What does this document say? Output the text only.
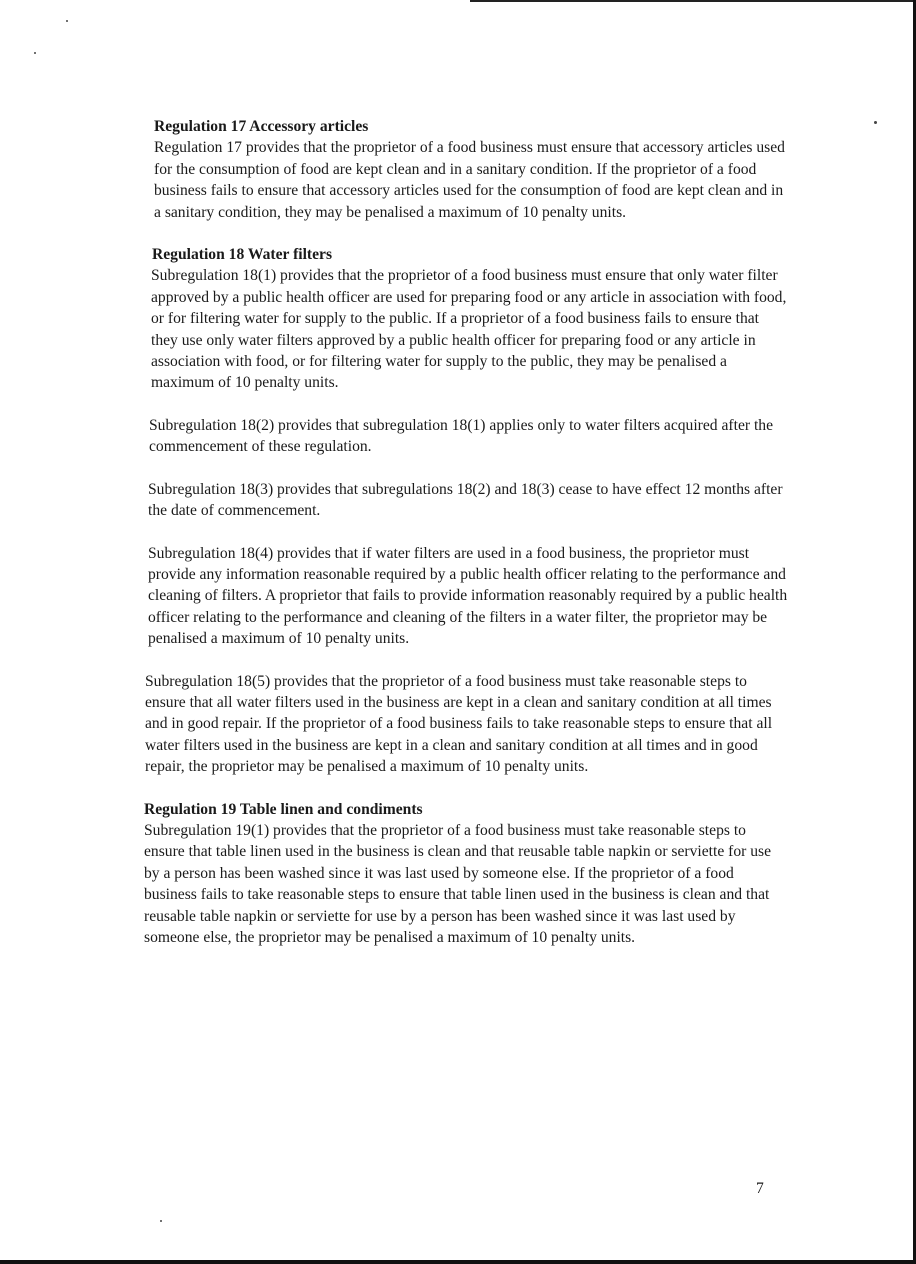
Regulation 17 Accessory articles

Regulation 17 provides that the proprietor of a food business must ensure that accessory articles used for the consumption of food are kept clean and in a sanitary condition. If the proprietor of a food business fails to ensure that accessory articles used for the consumption of food are kept clean and in a sanitary condition, they may be penalised a maximum of 10 penalty units.

Regulation 18 Water filters

Subregulation 18(1) provides that the proprietor of a food business must ensure that only water filter approved by a public health officer are used for preparing food or any article in association with food, or for filtering water for supply to the public. If a proprietor of a food business fails to ensure that they use only water filters approved by a public health officer for preparing food or any article in association with food, or for filtering water for supply to the public, they may be penalised a maximum of 10 penalty units.

Subregulation 18(2) provides that subregulation 18(1) applies only to water filters acquired after the commencement of these regulation.

Subregulation 18(3) provides that subregulations 18(2) and 18(3) cease to have effect 12 months after the date of commencement.

Subregulation 18(4) provides that if water filters are used in a food business, the proprietor must provide any information reasonable required by a public health officer relating to the performance and cleaning of filters. A proprietor that fails to provide information reasonably required by a public health officer relating to the performance and cleaning of the filters in a water filter, the proprietor may be penalised a maximum of 10 penalty units.

Subregulation 18(5) provides that the proprietor of a food business must take reasonable steps to ensure that all water filters used in the business are kept in a clean and sanitary condition at all times and in good repair. If the proprietor of a food business fails to take reasonable steps to ensure that all water filters used in the business are kept in a clean and sanitary condition at all times and in good repair, the proprietor may be penalised a maximum of 10 penalty units.

Regulation 19 Table linen and condiments

Subregulation 19(1) provides that the proprietor of a food business must take reasonable steps to ensure that table linen used in the business is clean and that reusable table napkin or serviette for use by a person has been washed since it was last used by someone else. If the proprietor of a food business fails to take reasonable steps to ensure that table linen used in the business is clean and that reusable table napkin or serviette for use by a person has been washed since it was last used by someone else, the proprietor may be penalised a maximum of 10 penalty units.

7
